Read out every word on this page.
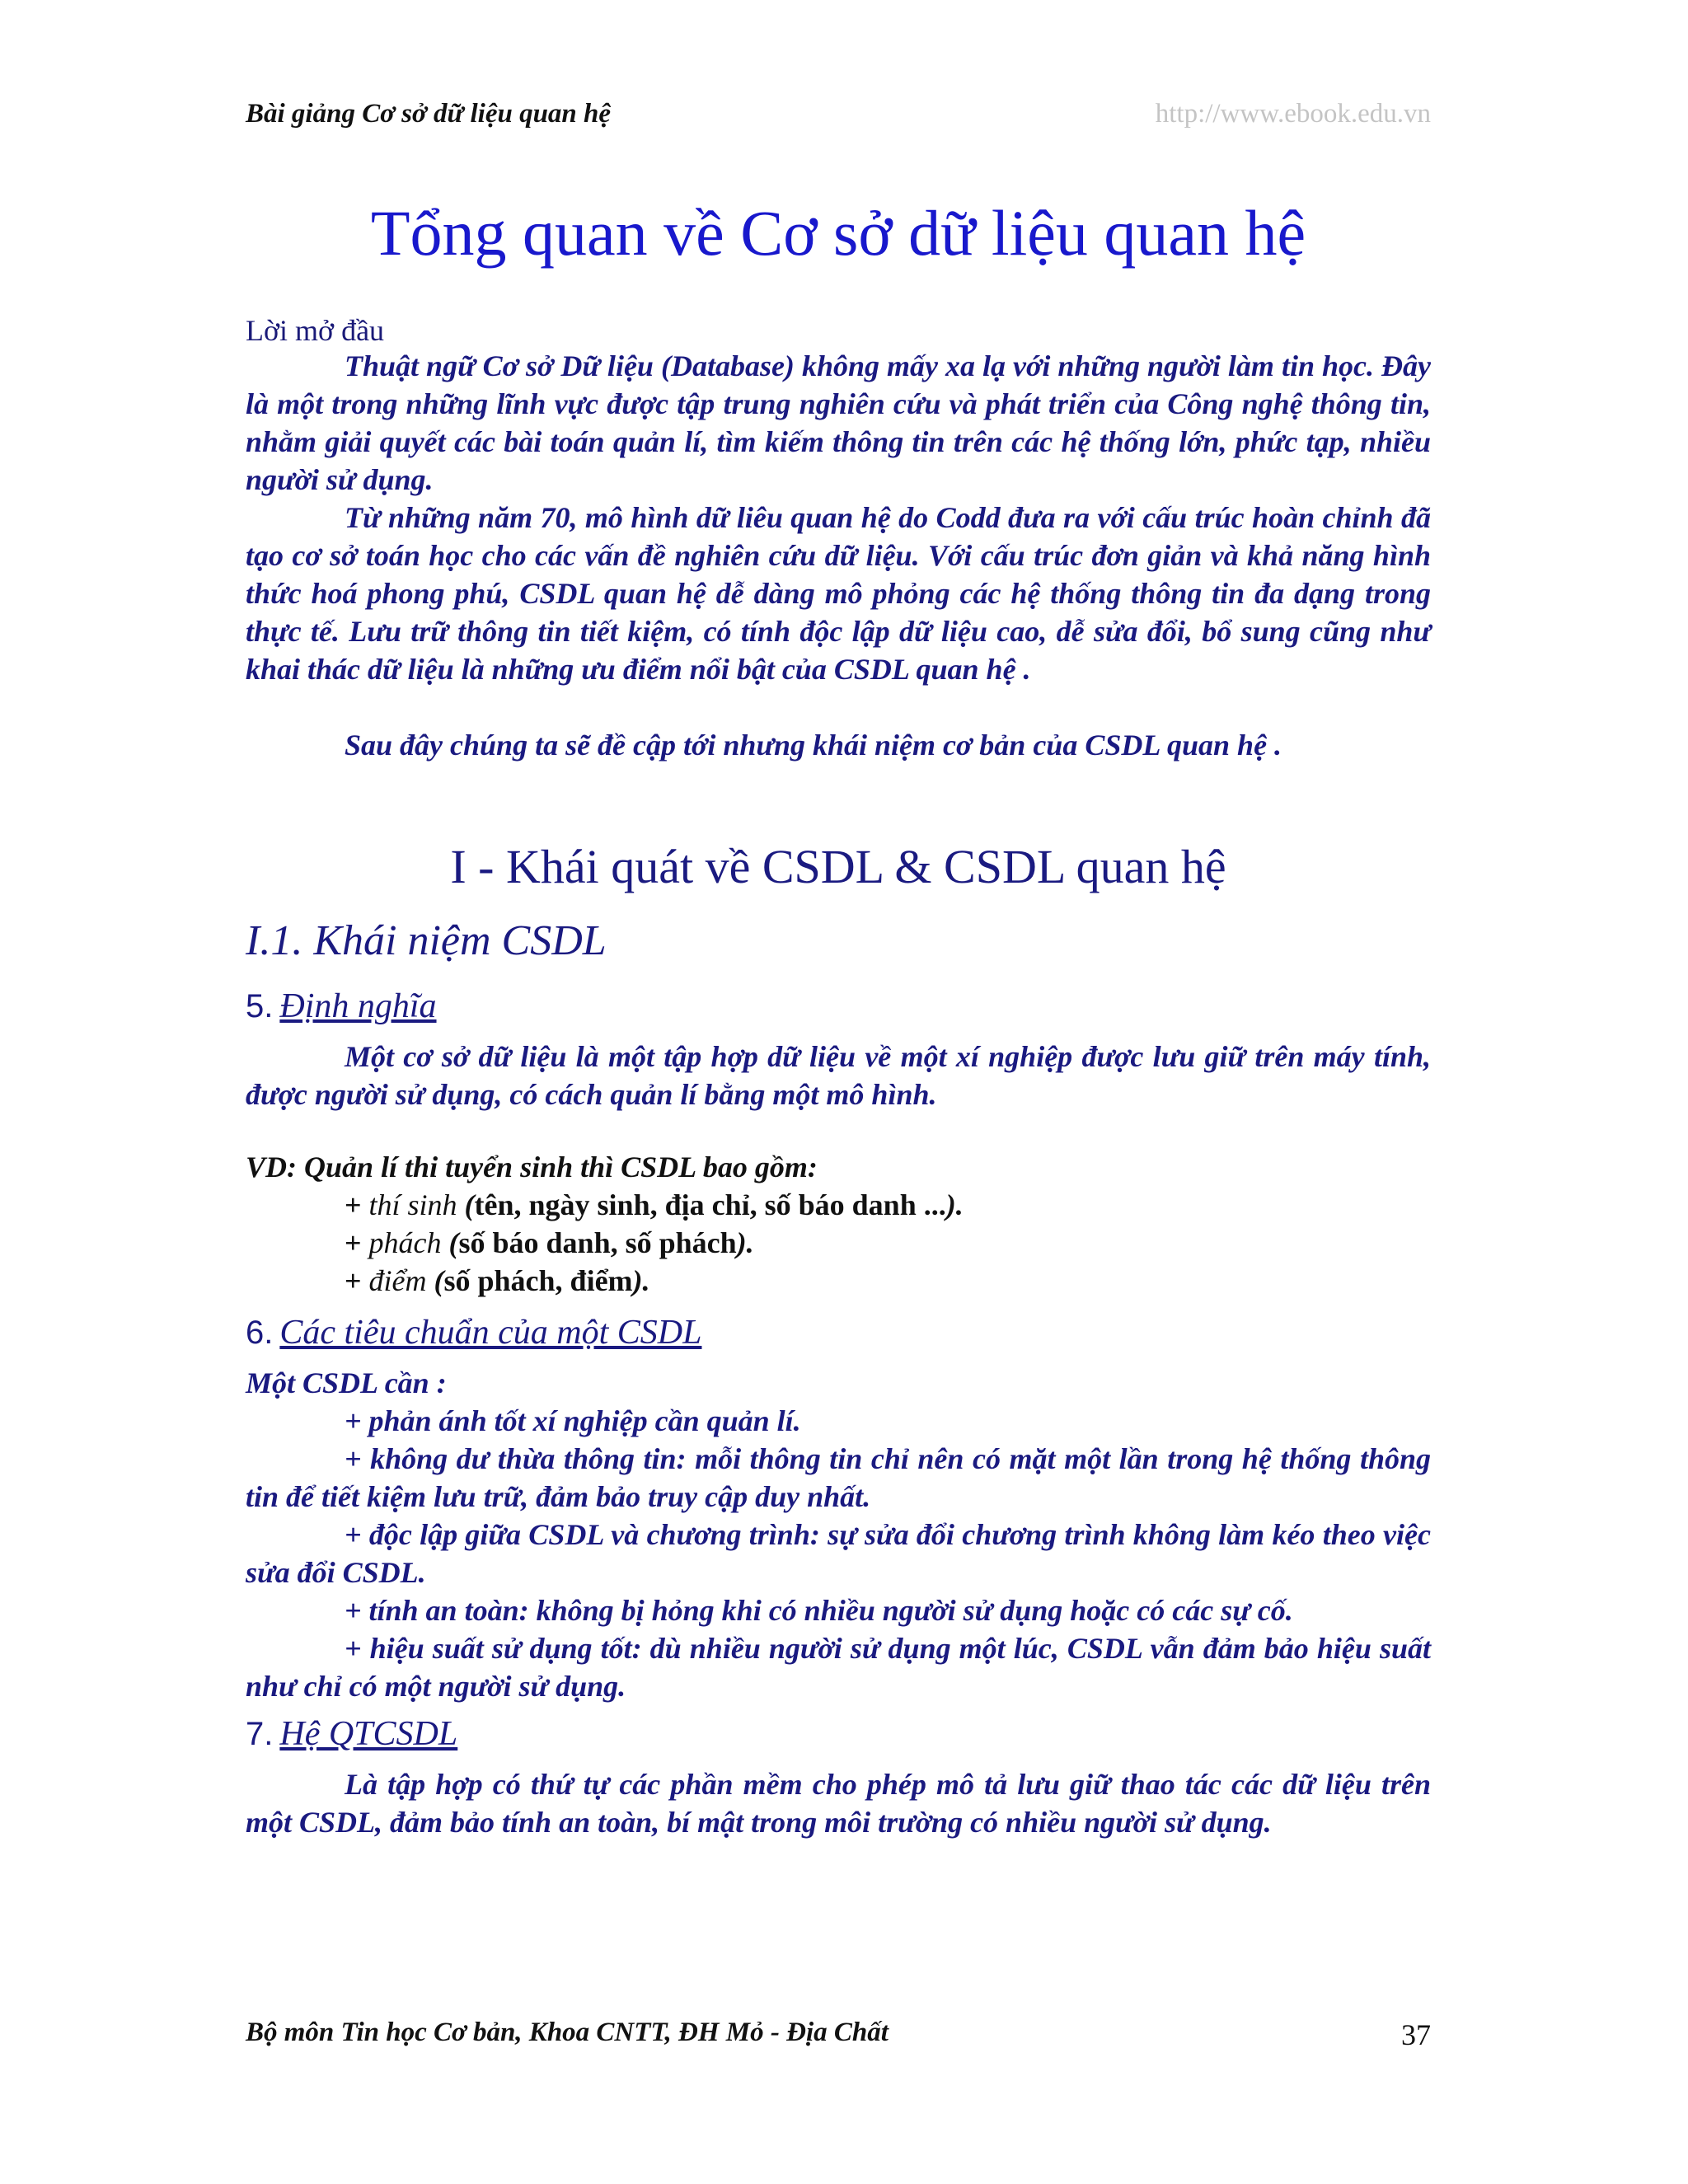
Bài giảng Cơ sở dữ liệu quan hệ	http://www.ebook.edu.vn
Tổng quan về Cơ sở dữ liệu quan hệ
Lời mở đầu

Thuật ngữ Cơ sở Dữ liệu (Database) không mấy xa lạ với những người làm tin học. Đây là một trong những lĩnh vực được tập trung nghiên cứu và phát triển của Công nghệ thông tin, nhằm giải quyết các bài toán quản lí, tìm kiếm thông tin trên các hệ thống lớn, phức tạp, nhiều người sử dụng.

Từ những năm 70, mô hình dữ liêu quan hệ do Codd đưa ra với cấu trúc hoàn chỉnh đã tạo cơ sở toán học cho các vấn đề nghiên cứu dữ liệu. Với cấu trúc đơn giản và khả năng hình thức hoá phong phú, CSDL quan hệ dễ dàng mô phỏng các hệ thống thông tin đa dạng trong thực tế. Lưu trữ thông tin tiết kiệm, có tính độc lập dữ liệu cao, dễ sửa đổi, bổ sung cũng như khai thác dữ liệu là những ưu điểm nổi bật của CSDL quan hệ .

Sau đây chúng ta sẽ đề cập tới nhưng khái niệm cơ bản của CSDL quan hệ .

I - Khái quát về CSDL & CSDL quan hệ
I.1. Khái niệm CSDL
5. Định nghĩa

Một cơ sở dữ liệu là một tập hợp dữ liệu về một xí nghiệp được lưu giữ trên máy tính, được người sử dụng, có cách quản lí bằng một mô hình.

VD: Quản lí thi tuyển sinh thì CSDL bao gồm:
+ thí sinh (tên, ngày sinh, địa chỉ, số báo danh ...).
+ phách (số báo danh, số phách).
+ điểm (số phách, điểm).
6. Các tiêu chuẩn của một CSDL
Một CSDL cần :

+ phản ánh tốt xí nghiệp cần quản lí.

+ không dư thừa thông tin: mỗi thông tin chỉ nên có mặt một lần trong hệ thống thông tin để tiết kiệm lưu trữ, đảm bảo truy cập duy nhất.

+ độc lập giữa CSDL và chương trình: sự sửa đổi chương trình không làm kéo theo việc sửa đổi CSDL.

+ tính an toàn: không bị hỏng khi có nhiều người sử dụng hoặc có các sự cố.

+ hiệu suất sử dụng tốt: dù nhiều người sử dụng một lúc, CSDL vẫn đảm bảo hiệu suất như chỉ có một người sử dụng.

7. Hệ QTCSDL

Là tập hợp có thứ tự các phần mềm cho phép mô tả lưu giữ thao tác các dữ liệu trên một CSDL, đảm bảo tính an toàn, bí mật trong môi trường có nhiều người sử dụng.

Bộ môn Tin học Cơ bản, Khoa CNTT, ĐH Mỏ - Địa Chất	37
